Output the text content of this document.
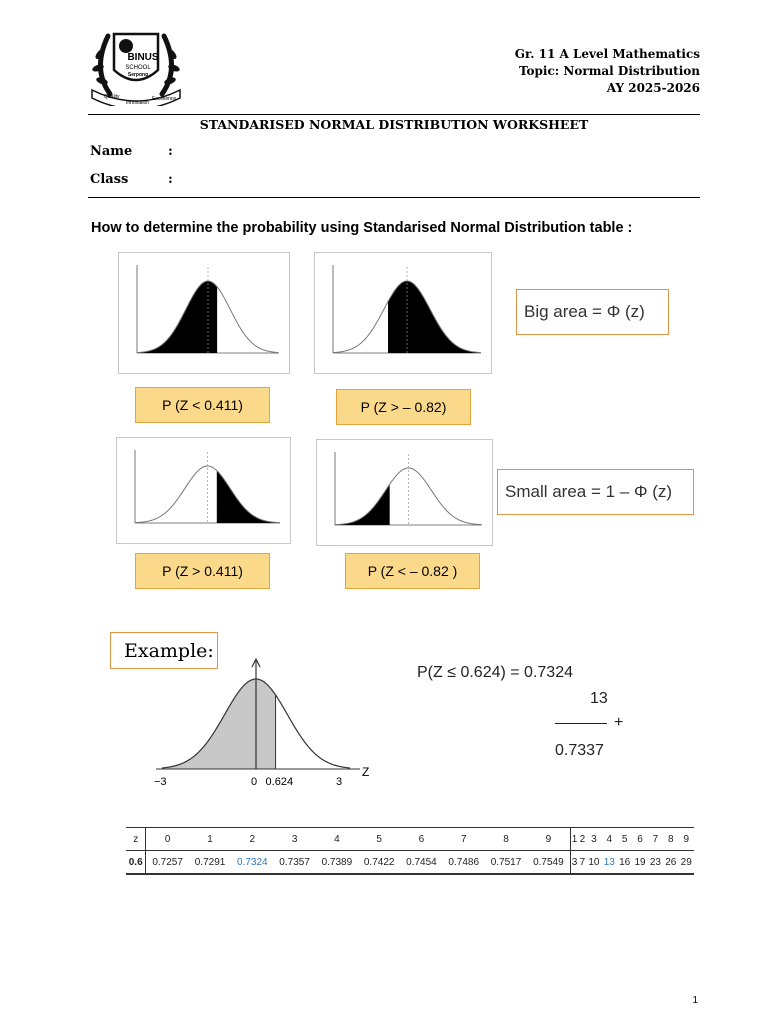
BINUS
SCHOOL
Serpong
Quality
Innovation
Excellence
Gr. 11 A Level Mathematics
Topic: Normal Distribution
AY 2025-2026
STANDARISED NORMAL DISTRIBUTION WORKSHEET
Name	:
Class	:
How to determine the probability using Standarised Normal Distribution table :
P (Z < 0.411)	P (Z > – 0.82)
P (Z > 0.411)	P (Z < – 0.82 )
Big area = Φ (z)
Small area = 1 – Φ (z)
Example:
−3	0 0.624	3
Z
P(Z ≤ 0.624) = 0.7324
13
+
0.7337
z	0	1	2	3	4	5	6	7	8	9	1	2	3	4	5	6	7	8	9
0.6	0.7257	0.7291	0.7324	0.7357	0.7389	0.7422	0.7454	0.7486	0.7517	0.7549	3	7	10	13	16	19	23	26	29
1
